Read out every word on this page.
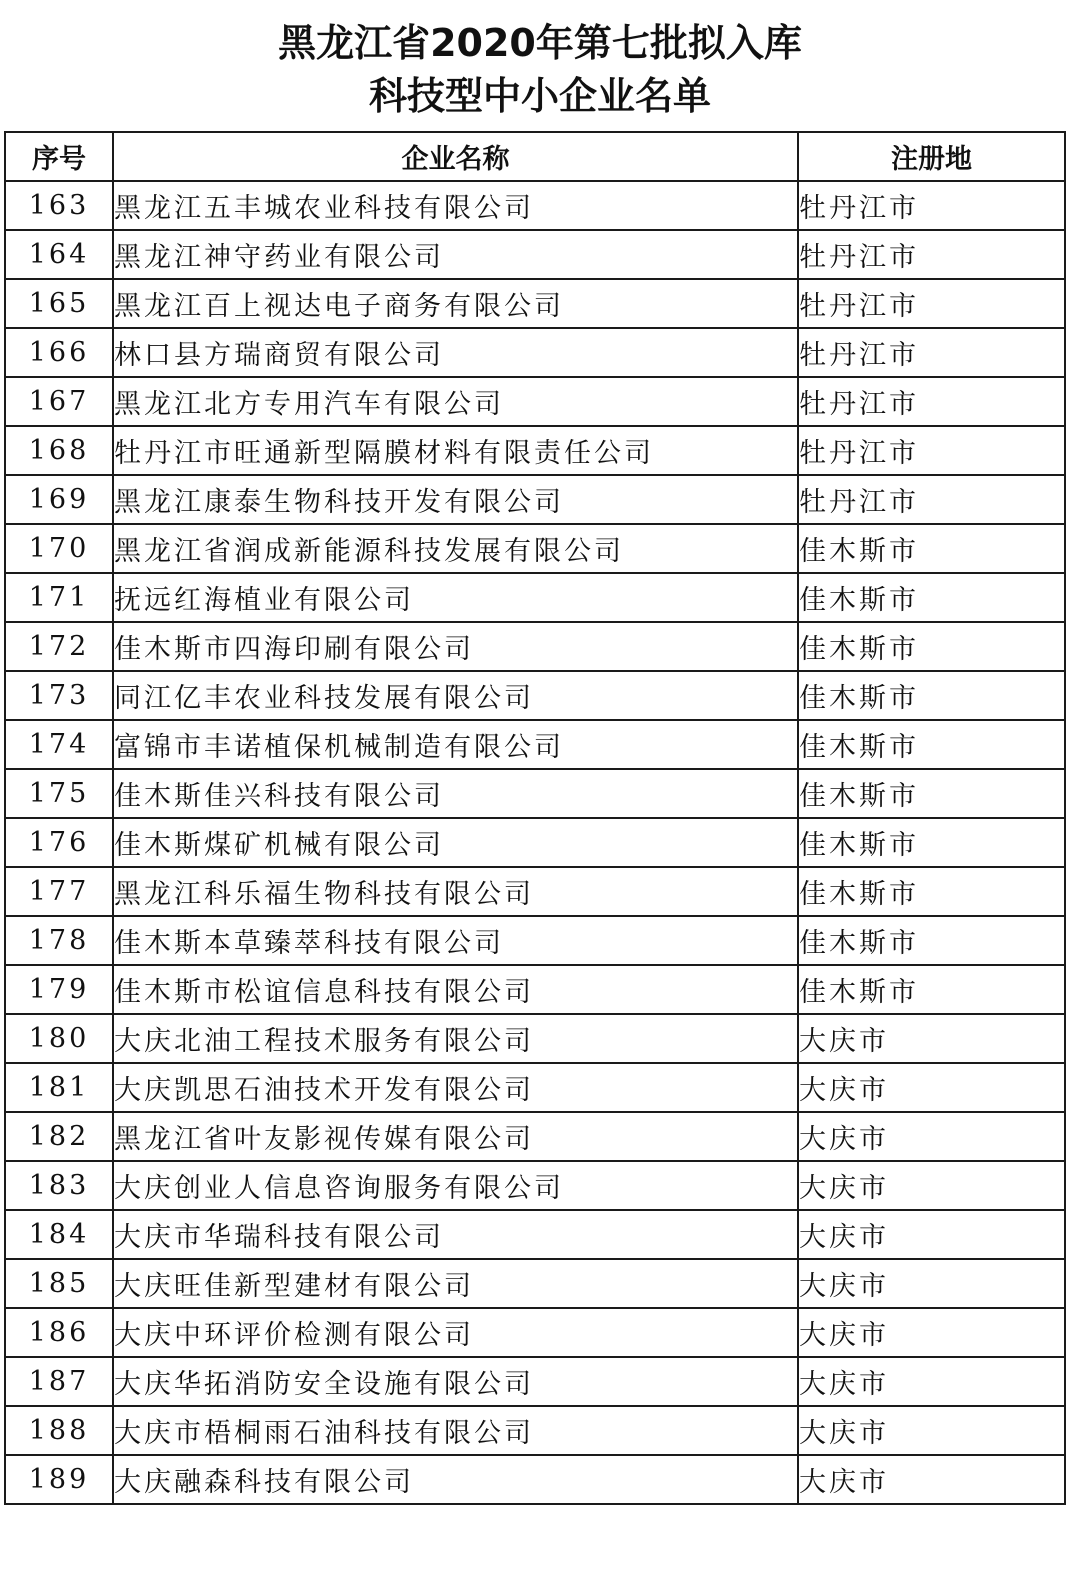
黑龙江省2020年第七批拟入库
科技型中小企业名单
序号	企业名称	注册地
163	黑龙江五丰城农业科技有限公司	牡丹江市
164	黑龙江神守药业有限公司	牡丹江市
165	黑龙江百上视达电子商务有限公司	牡丹江市
166	林口县方瑞商贸有限公司	牡丹江市
167	黑龙江北方专用汽车有限公司	牡丹江市
168	牡丹江市旺通新型隔膜材料有限责任公司	牡丹江市
169	黑龙江康泰生物科技开发有限公司	牡丹江市
170	黑龙江省润成新能源科技发展有限公司	佳木斯市
171	抚远红海植业有限公司	佳木斯市
172	佳木斯市四海印刷有限公司	佳木斯市
173	同江亿丰农业科技发展有限公司	佳木斯市
174	富锦市丰诺植保机械制造有限公司	佳木斯市
175	佳木斯佳兴科技有限公司	佳木斯市
176	佳木斯煤矿机械有限公司	佳木斯市
177	黑龙江科乐福生物科技有限公司	佳木斯市
178	佳木斯本草臻萃科技有限公司	佳木斯市
179	佳木斯市松谊信息科技有限公司	佳木斯市
180	大庆北油工程技术服务有限公司	大庆市
181	大庆凯思石油技术开发有限公司	大庆市
182	黑龙江省叶友影视传媒有限公司	大庆市
183	大庆创业人信息咨询服务有限公司	大庆市
184	大庆市华瑞科技有限公司	大庆市
185	大庆旺佳新型建材有限公司	大庆市
186	大庆中环评价检测有限公司	大庆市
187	大庆华拓消防安全设施有限公司	大庆市
188	大庆市梧桐雨石油科技有限公司	大庆市
189	大庆融森科技有限公司	大庆市
